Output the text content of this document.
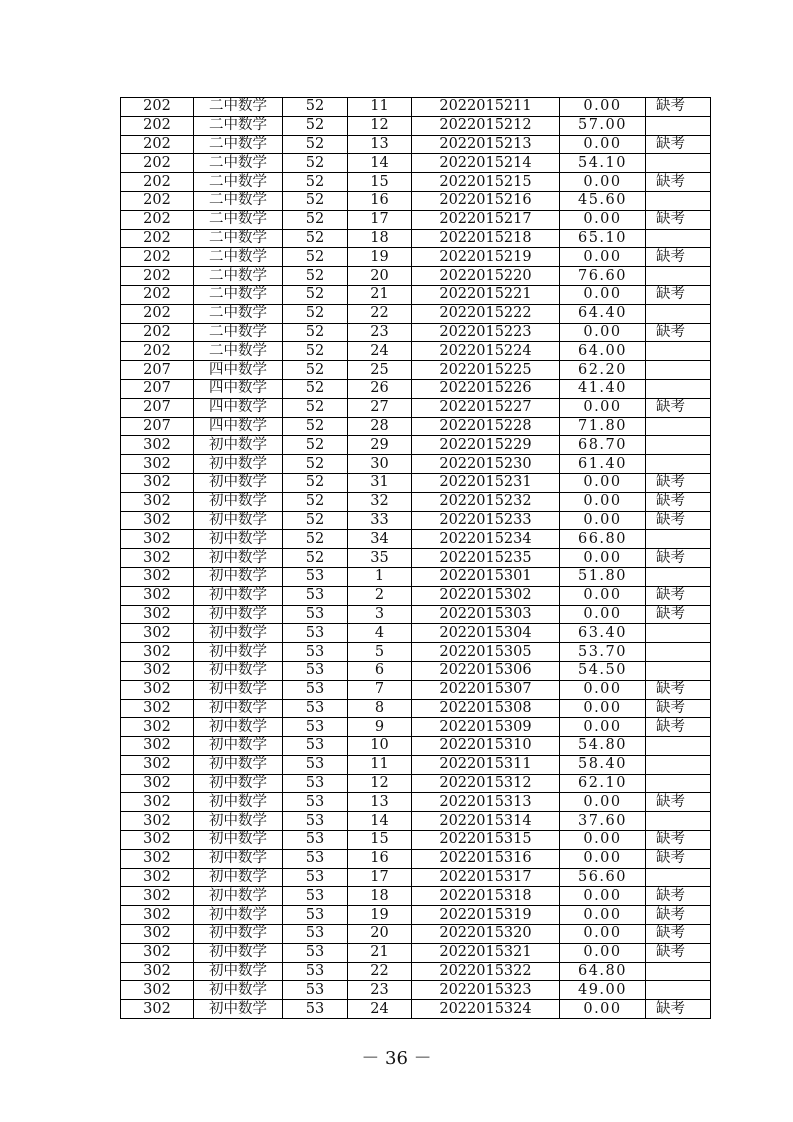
202	二中数学	52	11	2022015211	0.00	缺考
202	二中数学	52	12	2022015212	57.00	
202	二中数学	52	13	2022015213	0.00	缺考
202	二中数学	52	14	2022015214	54.10	
202	二中数学	52	15	2022015215	0.00	缺考
202	二中数学	52	16	2022015216	45.60	
202	二中数学	52	17	2022015217	0.00	缺考
202	二中数学	52	18	2022015218	65.10	
202	二中数学	52	19	2022015219	0.00	缺考
202	二中数学	52	20	2022015220	76.60	
202	二中数学	52	21	2022015221	0.00	缺考
202	二中数学	52	22	2022015222	64.40	
202	二中数学	52	23	2022015223	0.00	缺考
202	二中数学	52	24	2022015224	64.00	
207	四中数学	52	25	2022015225	62.20	
207	四中数学	52	26	2022015226	41.40	
207	四中数学	52	27	2022015227	0.00	缺考
207	四中数学	52	28	2022015228	71.80	
302	初中数学	52	29	2022015229	68.70	
302	初中数学	52	30	2022015230	61.40	
302	初中数学	52	31	2022015231	0.00	缺考
302	初中数学	52	32	2022015232	0.00	缺考
302	初中数学	52	33	2022015233	0.00	缺考
302	初中数学	52	34	2022015234	66.80	
302	初中数学	52	35	2022015235	0.00	缺考
302	初中数学	53	1	2022015301	51.80	
302	初中数学	53	2	2022015302	0.00	缺考
302	初中数学	53	3	2022015303	0.00	缺考
302	初中数学	53	4	2022015304	63.40	
302	初中数学	53	5	2022015305	53.70	
302	初中数学	53	6	2022015306	54.50	
302	初中数学	53	7	2022015307	0.00	缺考
302	初中数学	53	8	2022015308	0.00	缺考
302	初中数学	53	9	2022015309	0.00	缺考
302	初中数学	53	10	2022015310	54.80	
302	初中数学	53	11	2022015311	58.40	
302	初中数学	53	12	2022015312	62.10	
302	初中数学	53	13	2022015313	0.00	缺考
302	初中数学	53	14	2022015314	37.60	
302	初中数学	53	15	2022015315	0.00	缺考
302	初中数学	53	16	2022015316	0.00	缺考
302	初中数学	53	17	2022015317	56.60	
302	初中数学	53	18	2022015318	0.00	缺考
302	初中数学	53	19	2022015319	0.00	缺考
302	初中数学	53	20	2022015320	0.00	缺考
302	初中数学	53	21	2022015321	0.00	缺考
302	初中数学	53	22	2022015322	64.80	
302	初中数学	53	23	2022015323	49.00	
302	初中数学	53	24	2022015324	0.00	缺考
－ 36 －
